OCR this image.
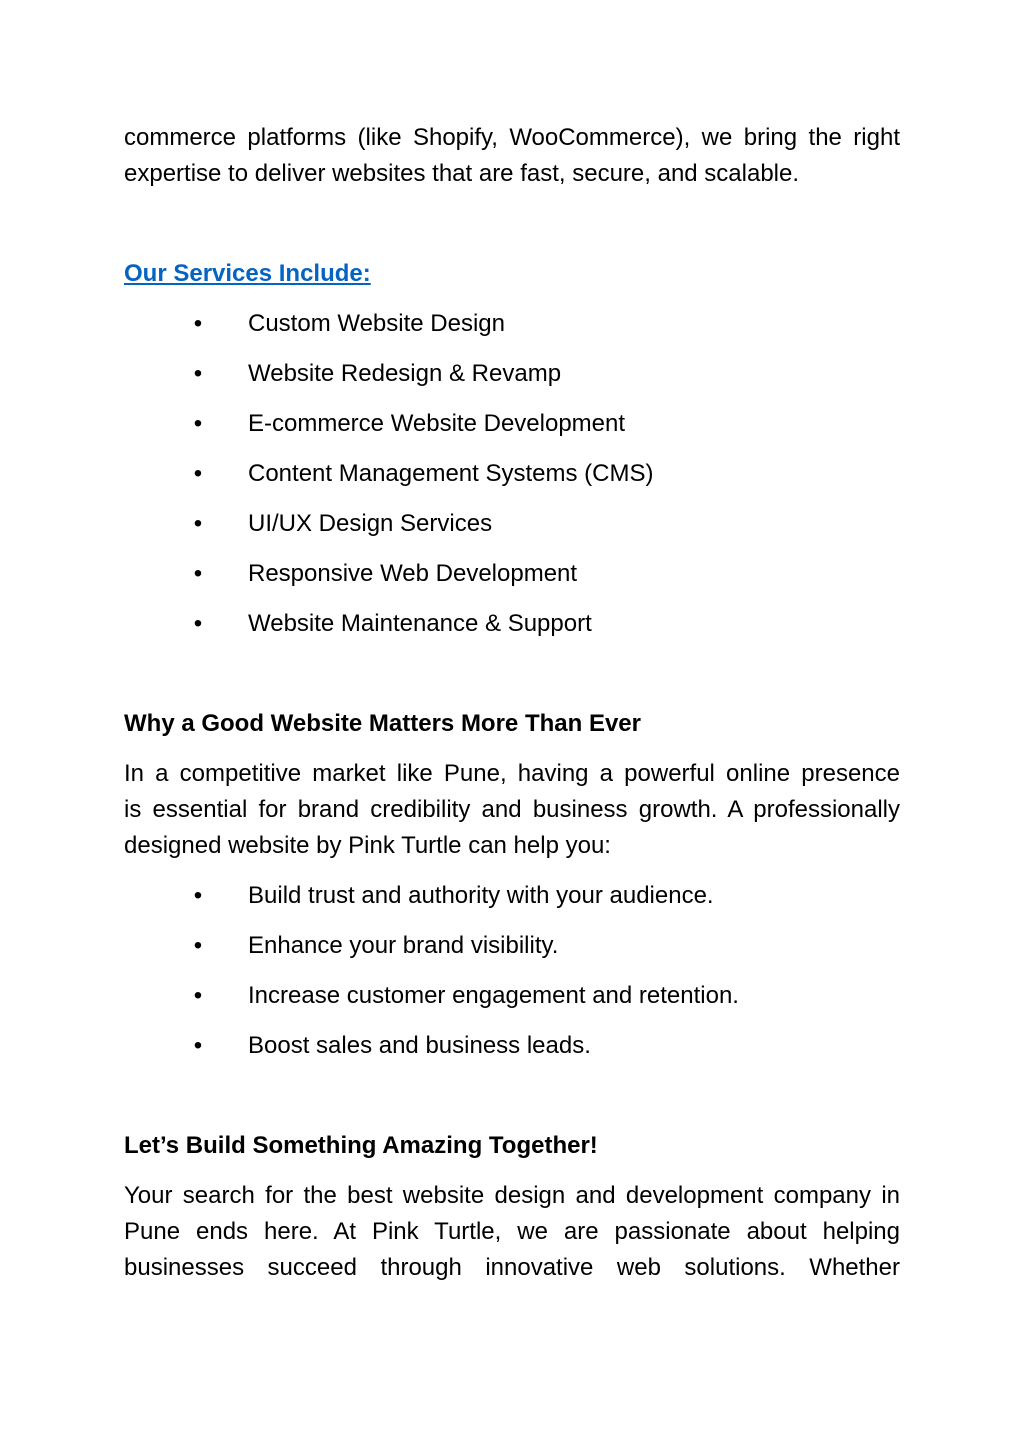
commerce platforms (like Shopify, WooCommerce), we bring the right

expertise to deliver websites that are fast, secure, and scalable.

Our Services Include:

• Custom Website Design
• Website Redesign & Revamp
• E-commerce Website Development
• Content Management Systems (CMS)
• UI/UX Design Services
• Responsive Web Development
• Website Maintenance & Support

Why a Good Website Matters More Than Ever

In a competitive market like Pune, having a powerful online presence

is essential for brand credibility and business growth. A professionally

designed website by Pink Turtle can help you:

• Build trust and authority with your audience.
• Enhance your brand visibility.
• Increase customer engagement and retention.
• Boost sales and business leads.

Let’s Build Something Amazing Together!

Your search for the best website design and development company in

Pune ends here. At Pink Turtle, we are passionate about helping

businesses succeed through innovative web solutions. Whether
